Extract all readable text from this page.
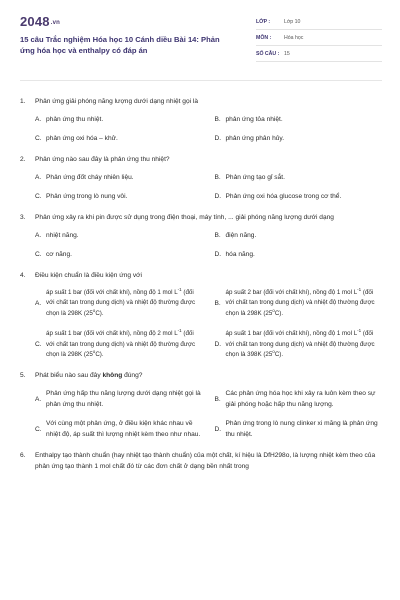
2048.vn
15 câu Trắc nghiệm Hóa học 10 Cánh diều Bài 14: Phản ứng hóa học và enthalpy có đáp án
LỚP :	Lớp 10
MÔN :	Hóa học
SỐ CÂU : 15
1.	Phản ứng giải phóng năng lượng dưới dạng nhiệt gọi là
A. phản ứng thu nhiệt.	B. phản ứng tỏa nhiệt.
C. phản ứng oxi hóa – khử.	D. phản ứng phân hủy.
2.	Phản ứng nào sau đây là phản ứng thu nhiệt?
A. Phản ứng đốt cháy nhiên liệu.	B. Phản ứng tạo gỉ sắt.
C. Phản ứng trong lò nung vôi.	D. Phản ứng oxi hóa glucose trong cơ thể.
3.	Phản ứng xảy ra khi pin được sử dụng trong điện thoại, máy tính, ... giải phóng năng lượng dưới dạng
A. nhiệt năng.	B. điện năng.
C. cơ năng.	D. hóa năng.
4.	Điều kiện chuẩn là điều kiện ứng với
A.
áp suất 1 bar (đối với chất khí), nồng độ 1 mol $L^{-1}$ (đối với chất tan trong dung dịch) và nhiệt độ thường được chọn là 298K (25$^o$C).
B.
áp suất 2 bar (đối với chất khí), nồng độ 1 mol $L^{-1}$ (đối với chất tan trong dung dịch) và nhiệt độ thường được chọn là 298K (25$^o$C).
C.
áp suất 1 bar (đối với chất khí), nồng độ 2 mol $L^{-1}$ (đối với chất tan trong dung dịch) và nhiệt độ thường được chọn là 298K (25$^o$C).
D.
áp suất 1 bar (đối với chất khí), nồng độ 1 mol $L^{-1}$ (đối với chất tan trong dung dịch) và nhiệt độ thường được chọn là 398K (25$^o$C).
5.	Phát biểu nào sau đây không đúng?
A.
Phản ứng hấp thu năng lượng dưới dạng nhiệt gọi là phản ứng thu nhiệt.
B.
Các phản ứng hóa học khi xảy ra luôn kèm theo sự giải phóng hoặc hấp thu năng lượng.
C.
Với cùng một phản ứng, ở điều kiện khác nhau về nhiệt độ, áp suất thì lượng nhiệt kèm theo như nhau.
D.
Phản ứng trong lò nung clinker xi măng là phản ứng thu nhiệt.
6.	Enthalpy tạo thành chuẩn (hay nhiệt tạo thành chuẩn) của một chất, kí hiệu là DfH298o, là lượng nhiệt kèm theo của phản ứng tạo thành 1 mol chất đó từ các đơn chất ở dạng bền nhất trong
